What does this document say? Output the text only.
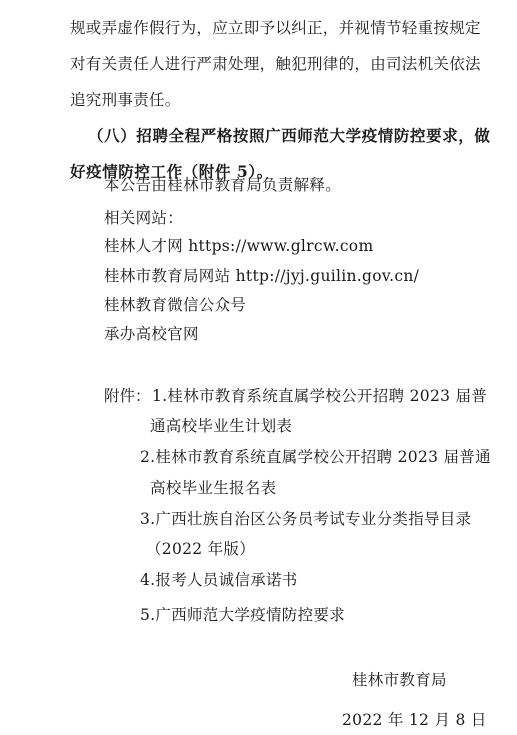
规或弄虚作假行为，应立即予以纠正，并视情节轻重按规定
对有关责任人进行严肃处理，触犯刑律的，由司法机关依法
追究刑事责任。
（八）招聘全程严格按照广西师范大学疫情防控要求，做
好疫情防控工作（附件 5）。
本公告由桂林市教育局负责解释。
相关网站：
桂林人才网 https://www.glrcw.com
桂林市教育局网站 http://jyj.guilin.gov.cn/
桂林教育微信公众号
承办高校官网
附件： 1.桂林市教育系统直属学校公开招聘 2023 届普
通高校毕业生计划表
2.桂林市教育系统直属学校公开招聘 2023 届普通
高校毕业生报名表
3.广西壮族自治区公务员考试专业分类指导目录
（2022 年版）
4.报考人员诚信承诺书
5.广西师范大学疫情防控要求
桂林市教育局
2022 年 12 月 8 日
